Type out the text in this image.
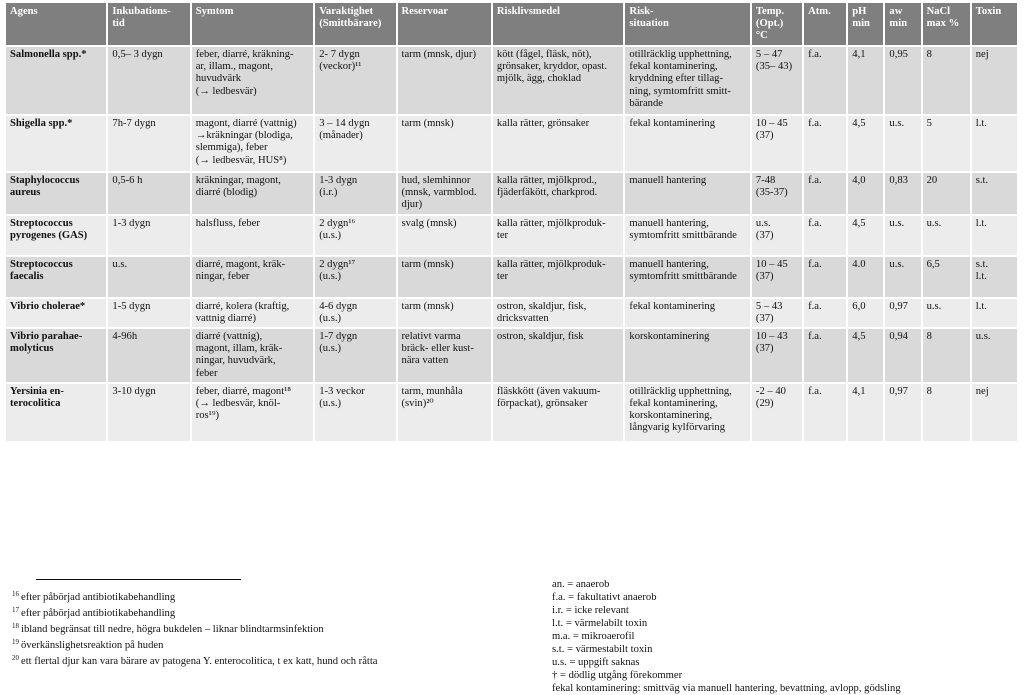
Agens	Inkubations-
tid	Symtom	Varaktighet
(Smittbärare)	Reservoar	Risklivsmedel	Risk-
situation	Temp.
(Opt.)
°C	Atm.	pH
min	aw
min	NaCl
max %	Toxin
Salmonella spp.*	0,5– 3 dygn	feber, diarré, kräkning-
ar, illam., magont,
huvudvärk
(→ ledbesvär)	2- 7 dygn
(veckor)¹¹	tarm (mnsk, djur)	kött (fågel, fläsk, nöt),
grönsaker, kryddor, opast.
mjölk, ägg, choklad	otillräcklig upphettning,
fekal kontaminering,
kryddning efter tillag-
ning, symtomfritt smitt-
bärande	5 – 47
(35– 43)	f.a.	4,1	0,95	8	nej
Shigella spp.*	7h-7 dygn	magont, diarré (vattnig)
→kräkningar (blodiga,
slemmiga), feber
(→ ledbesvär, HUS⁸)	3 – 14 dygn
(månader)	tarm (mnsk)	kalla rätter, grönsaker	fekal kontaminering	10 – 45
(37)	f.a.	4,5	u.s.	5	l.t.
Staphylococcus
aureus	0,5-6 h	kräkningar, magont,
diarré (blodig)	1-3 dygn
(i.r.)	hud, slemhinnor
(mnsk, varmblod.
djur)	kalla rätter, mjölkprod.,
fjäderfäkött, charkprod.	manuell hantering	7-48
(35-37)	f.a.	4,0	0,83	20	s.t.
Streptococcus
pyrogenes (GAS)	1-3 dygn	halsfluss, feber	2 dygn¹⁶
(u.s.)	svalg (mnsk)	kalla rätter, mjölkproduk-
ter	manuell hantering,
symtomfritt smittbärande	u.s.
(37)	f.a.	4,5	u.s.	u.s.	l.t.
Streptococcus
faecalis	u.s.	diarré, magont, kräk-
ningar, feber	2 dygn¹⁷
(u.s.)	tarm (mnsk)	kalla rätter, mjölkproduk-
ter	manuell hantering,
symtomfritt smittbärande	10 – 45
(37)	f.a.	4.0	u.s.	6,5	s.t.
l.t.
Vibrio cholerae*	1-5 dygn	diarré, kolera (kraftig,
vattnig diarré)	4-6 dygn
(u.s.)	tarm (mnsk)	ostron, skaldjur, fisk,
dricksvatten	fekal kontaminering	5 – 43
(37)	f.a.	6,0	0,97	u.s.	l.t.
Vibrio parahae-
molyticus	4-96h	diarré (vattnig),
magont, illam, kräk-
ningar, huvudvärk,
feber	1-7 dygn
(u.s.)	relativt varma
bräck- eller kust-
nära vatten	ostron, skaldjur, fisk	korskontaminering	10 – 43
(37)	f.a.	4,5	0,94	8	u.s.
Yersinia en-
terocolitica	3-10 dygn	feber, diarré, magont¹⁸
(→ ledbesvär, knöl-
ros¹⁹)	1-3 veckor
(u.s.)	tarm, munhåla
(svin)²⁰	fläskkött (även vakuum-
förpackat), grönsaker	otillräcklig upphettning,
fekal kontaminering,
korskontaminering,
långvarig kylförvaring	-2 – 40
(29)	f.a.	4,1	0,97	8	nej
$^{16}$ efter påbörjad antibiotikabehandling
$^{17}$ efter påbörjad antibiotikabehandling
$^{18}$ ibland begränsat till nedre, högra bukdelen – liknar blindtarmsinfektion
$^{19}$ överkänslighetsreaktion på huden
$^{20}$ ett flertal djur kan vara bärare av patogena Y. enterocolitica, t ex katt, hund och råtta
an. = anaerob
f.a. = fakultativt anaerob
i.r. = icke relevant
l.t. = värmelabilt toxin
m.a. = mikroaerofil
s.t. = värmestabilt toxin
u.s. = uppgift saknas
† = dödlig utgång förekommer
fekal kontaminering: smittväg via manuell hantering, bevattning, avlopp, gödsling
